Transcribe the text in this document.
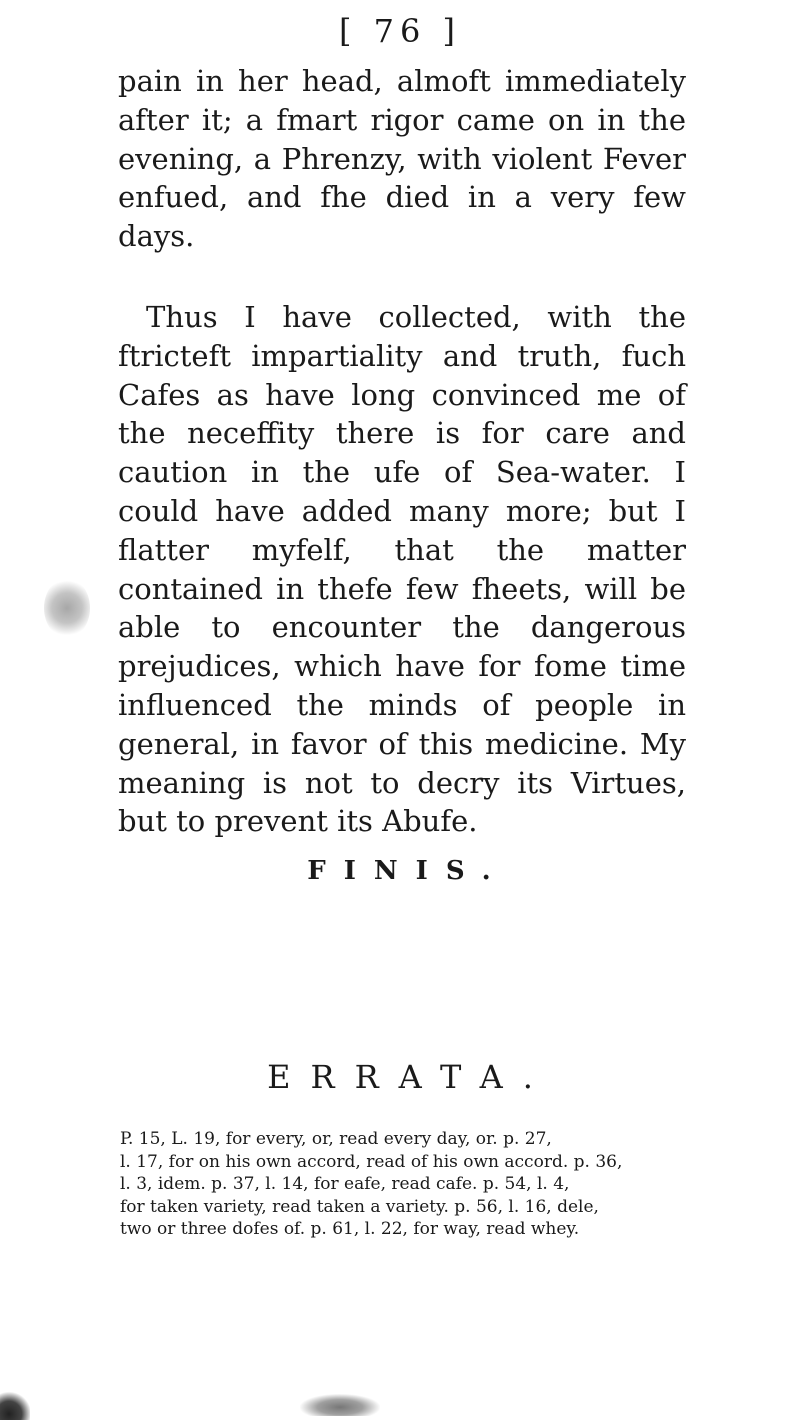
[ 76 ]

pain in her head, almoft immediately after it; a fmart rigor came on in the evening, a Phrenzy, with violent Fever enfued, and fhe died in a very few days.

Thus I have collected, with the ftricteft impartiality and truth, fuch Cafes as have long convinced me of the neceffity there is for care and caution in the ufe of Sea-water. I could have added many more; but I flatter myfelf, that the matter contained in thefe few fheets, will be able to encounter the dangerous prejudices, which have for fome time influenced the minds of people in general, in favor of this medicine. My meaning is not to decry its Virtues, but to prevent its Abufe.

FINIS.
ERRATA.
P. 15, L. 19, for every, or, read every day, or. p. 27,
l. 17, for on his own accord, read of his own accord. p. 36,
l. 3, idem. p. 37, l. 14, for eafe, read cafe. p. 54, l. 4,
for taken variety, read taken a variety. p. 56, l. 16, dele,
two or three dofes of. p. 61, l. 22, for way, read whey.
